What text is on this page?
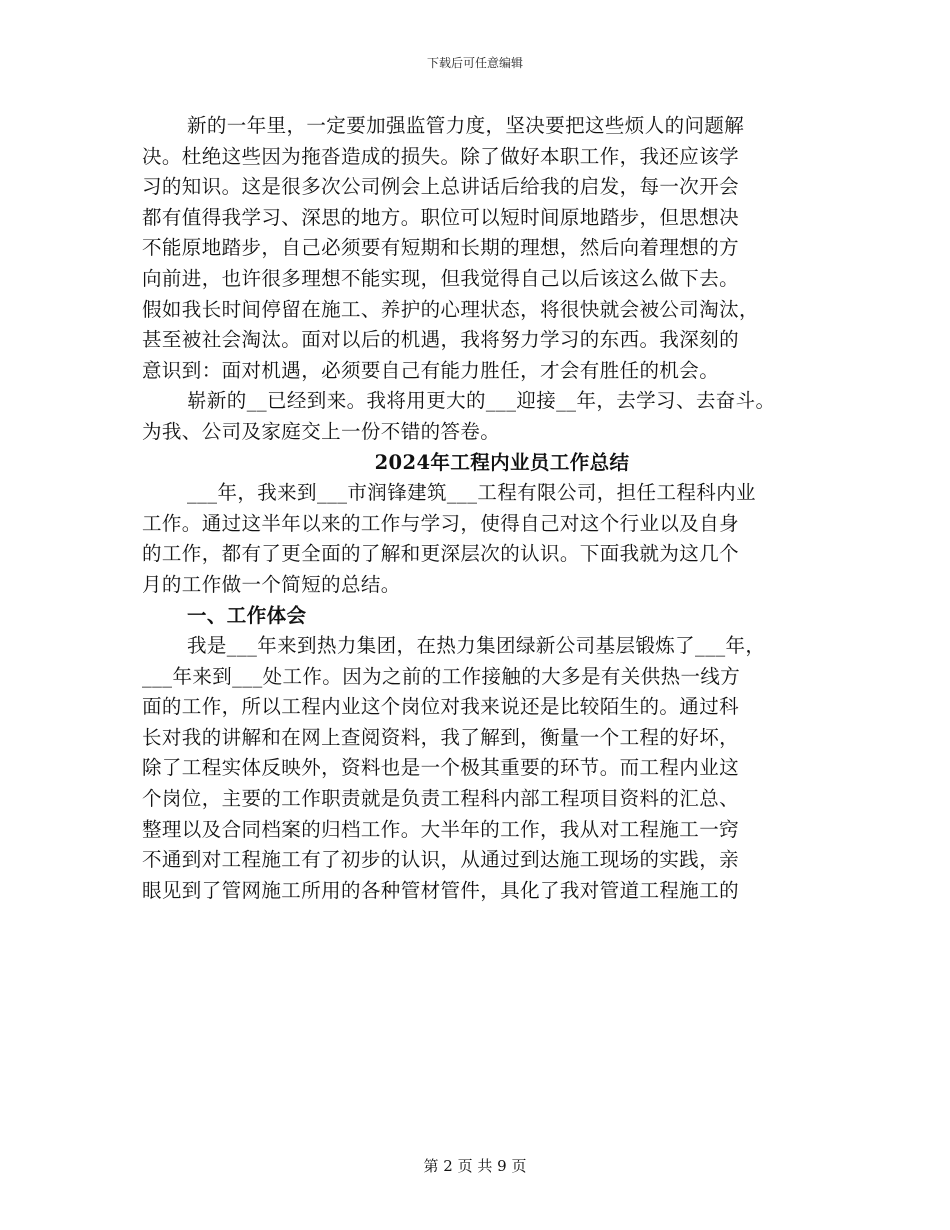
下载后可任意编辑
新的一年里，一定要加强监管力度，坚决要把这些烦人的问题解
决。杜绝这些因为拖沓造成的损失。除了做好本职工作，我还应该学
习的知识。这是很多次公司例会上总讲话后给我的启发，每一次开会
都有值得我学习、深思的地方。职位可以短时间原地踏步，但思想决
不能原地踏步，自己必须要有短期和长期的理想，然后向着理想的方
向前进，也许很多理想不能实现，但我觉得自己以后该这么做下去。
假如我长时间停留在施工、养护的心理状态，将很快就会被公司淘汰，
甚至被社会淘汰。面对以后的机遇，我将努力学习的东西。我深刻的
意识到：面对机遇，必须要自己有能力胜任，才会有胜任的机会。
崭新的__已经到来。我将用更大的___迎接__年，去学习、去奋斗。
为我、公司及家庭交上一份不错的答卷。
2024年工程内业员工作总结
___年，我来到___市润锋建筑___工程有限公司，担任工程科内业
工作。通过这半年以来的工作与学习，使得自己对这个行业以及自身
的工作，都有了更全面的了解和更深层次的认识。下面我就为这几个
月的工作做一个简短的总结。
一、工作体会
我是___年来到热力集团，在热力集团绿新公司基层锻炼了___年，
___年来到___处工作。因为之前的工作接触的大多是有关供热一线方
面的工作，所以工程内业这个岗位对我来说还是比较陌生的。通过科
长对我的讲解和在网上查阅资料，我了解到，衡量一个工程的好坏，
除了工程实体反映外，资料也是一个极其重要的环节。而工程内业这
个岗位，主要的工作职责就是负责工程科内部工程项目资料的汇总、
整理以及合同档案的归档工作。大半年的工作，我从对工程施工一窍
不通到对工程施工有了初步的认识，从通过到达施工现场的实践，亲
眼见到了管网施工所用的各种管材管件，具化了我对管道工程施工的
第 2 页 共 9 页
